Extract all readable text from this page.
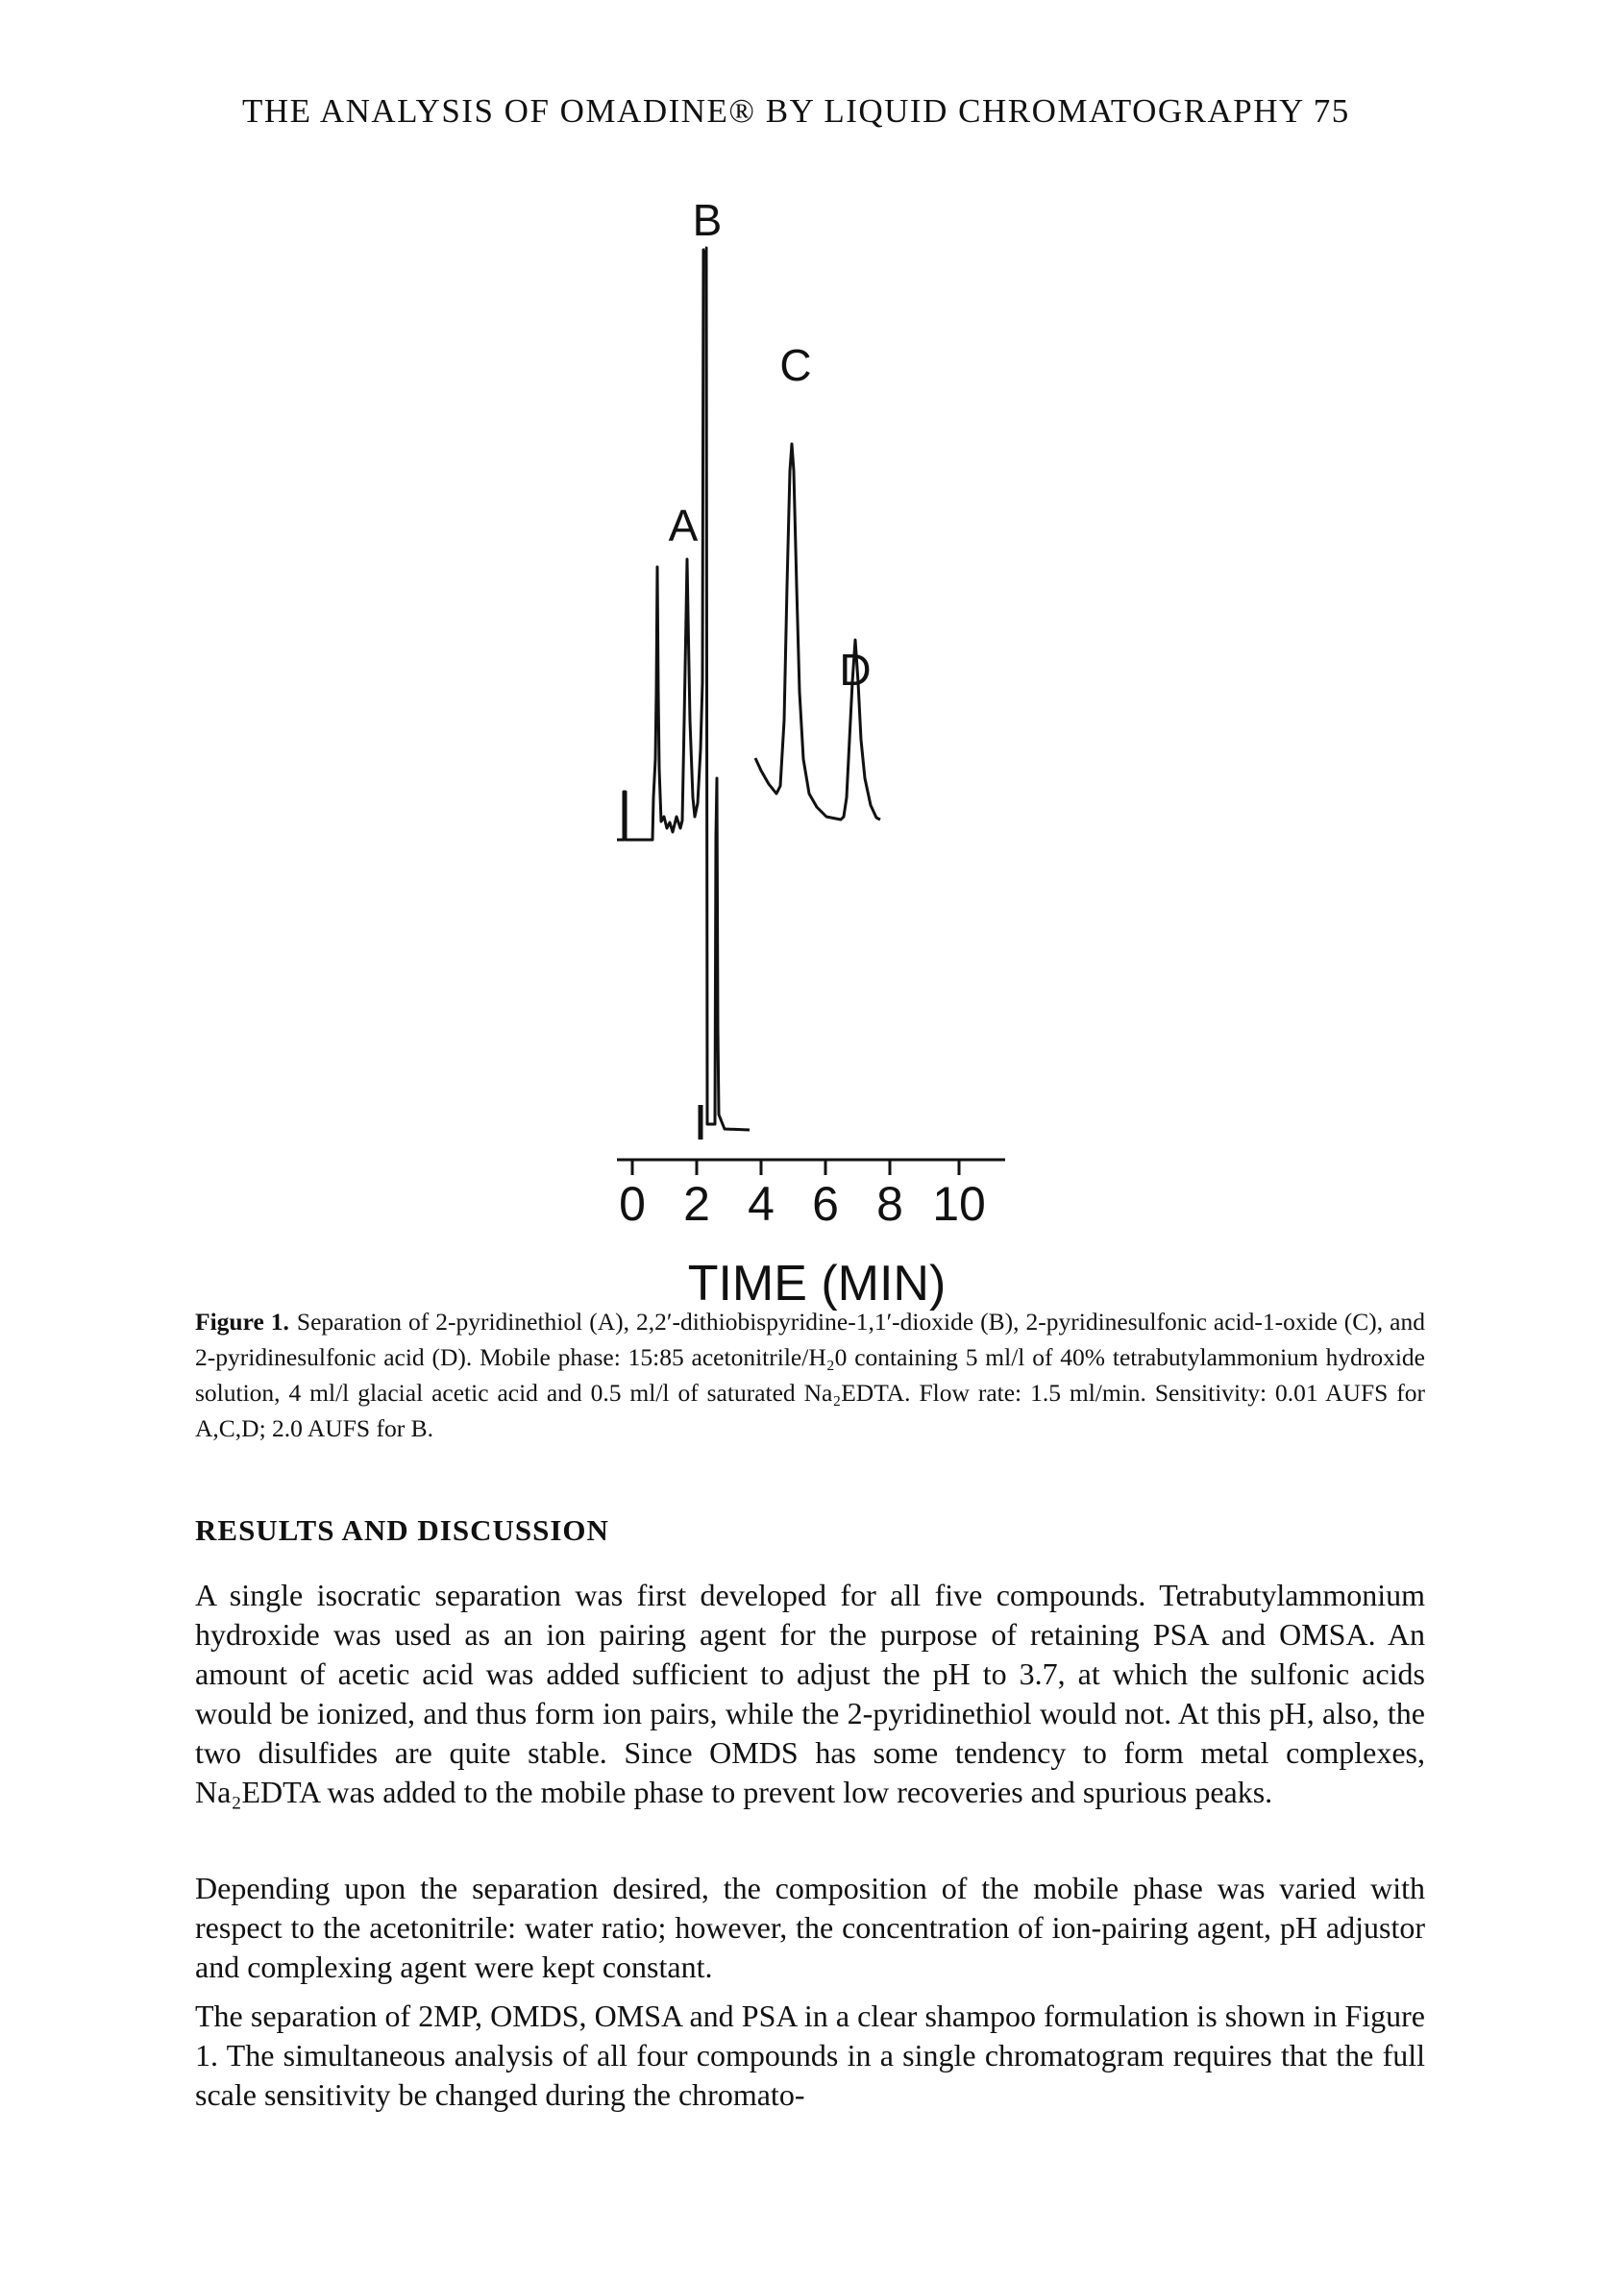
THE ANALYSIS OF OMADINE® BY LIQUID CHROMATOGRAPHY 75
0 2 4 6 8 10
TIME (MIN)
A
B
C
D
Figure 1. Separation of 2-pyridinethiol (A), 2,2′-dithiobispyridine-1,1′-dioxide (B), 2-pyridinesulfonic acid-1-oxide (C), and 2-pyridinesulfonic acid (D). Mobile phase: 15:85 acetonitrile/H₂0 containing 5 ml/l of 40% tetrabutylammonium hydroxide solution, 4 ml/l glacial acetic acid and 0.5 ml/l of saturated Na₂EDTA. Flow rate: 1.5 ml/min. Sensitivity: 0.01 AUFS for A,C,D; 2.0 AUFS for B.
RESULTS AND DISCUSSION
A single isocratic separation was first developed for all five compounds. Tetrabutylammonium hydroxide was used as an ion pairing agent for the purpose of retaining PSA and OMSA. An amount of acetic acid was added sufficient to adjust the pH to 3.7, at which the sulfonic acids would be ionized, and thus form ion pairs, while the 2-pyridinethiol would not. At this pH, also, the two disulfides are quite stable. Since OMDS has some tendency to form metal complexes, Na₂EDTA was added to the mobile phase to prevent low recoveries and spurious peaks.
Depending upon the separation desired, the composition of the mobile phase was varied with respect to the acetonitrile: water ratio; however, the concentration of ion-pairing agent, pH adjustor and complexing agent were kept constant.
The separation of 2MP, OMDS, OMSA and PSA in a clear shampoo formulation is shown in Figure 1. The simultaneous analysis of all four compounds in a single chromatogram requires that the full scale sensitivity be changed during the chromato-
